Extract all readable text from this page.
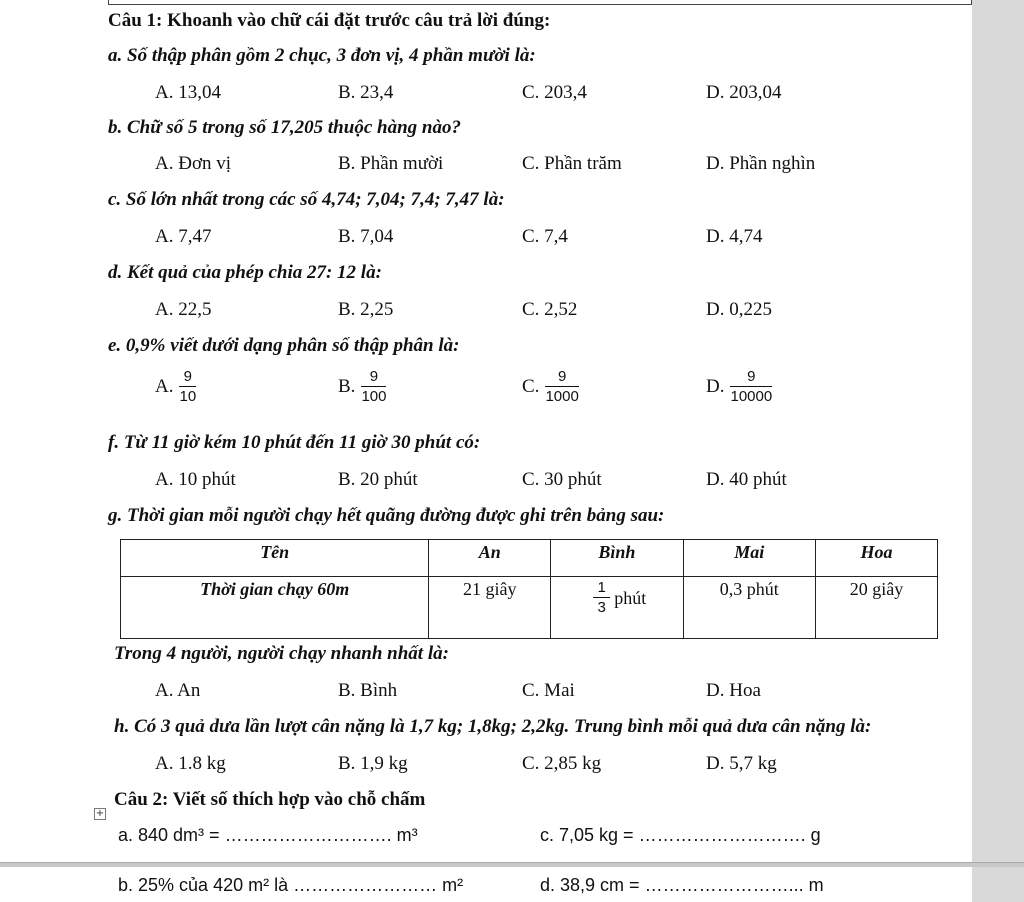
Câu 1: Khoanh vào chữ cái đặt trước câu trả lời đúng:
a. Số thập phân gồm 2 chục, 3 đơn vị, 4 phần mười là:
A. 13,04	B. 23,4	C. 203,4	D. 203,04
b. Chữ số 5 trong số 17,205 thuộc hàng nào?
A. Đơn vị	B. Phần mười	C. Phần trăm	D. Phần nghìn
c. Số lớn nhất trong các số 4,74; 7,04; 7,4; 7,47 là:
A. 7,47	B. 7,04	C. 7,4	D. 4,74
d. Kết quả của phép chia 27: 12 là:
A. 22,5	B. 2,25	C. 2,52	D. 0,225
e. 0,9% viết dưới dạng phân số thập phân là:
A. $\frac{9}{10}$	B. $\frac{9}{100}$	C. $\frac{9}{1000}$	D. $\frac{9}{10000}$
f. Từ 11 giờ kém 10 phút đến 11 giờ 30 phút có:
A. 10 phút	B. 20 phút	C. 30 phút	D. 40 phút
g. Thời gian mỗi người chạy hết quãng đường được ghi trên bảng sau:
Tên	An	Bình	Mai	Hoa
Thời gian chạy 60m	21 giây	$\frac{1}{3}$ phút	0,3 phút	20 giây
Trong 4 người, người chạy nhanh nhất là:
A. An	B. Bình	C. Mai	D. Hoa
h. Có 3 quả dưa lần lượt cân nặng là 1,7 kg; 1,8kg; 2,2kg. Trung bình mỗi quả dưa cân nặng là:
A. 1.8 kg	B. 1,9 kg	C. 2,85 kg	D. 5,7 kg
Câu 2: Viết số thích hợp vào chỗ chấm
+
a. 840 dm³ = ………………………. m³	c. 7,05 kg = ………………………. g
b. 25% của 420 m² là …………………… m²	d. 38,9 cm = ……………………... m
